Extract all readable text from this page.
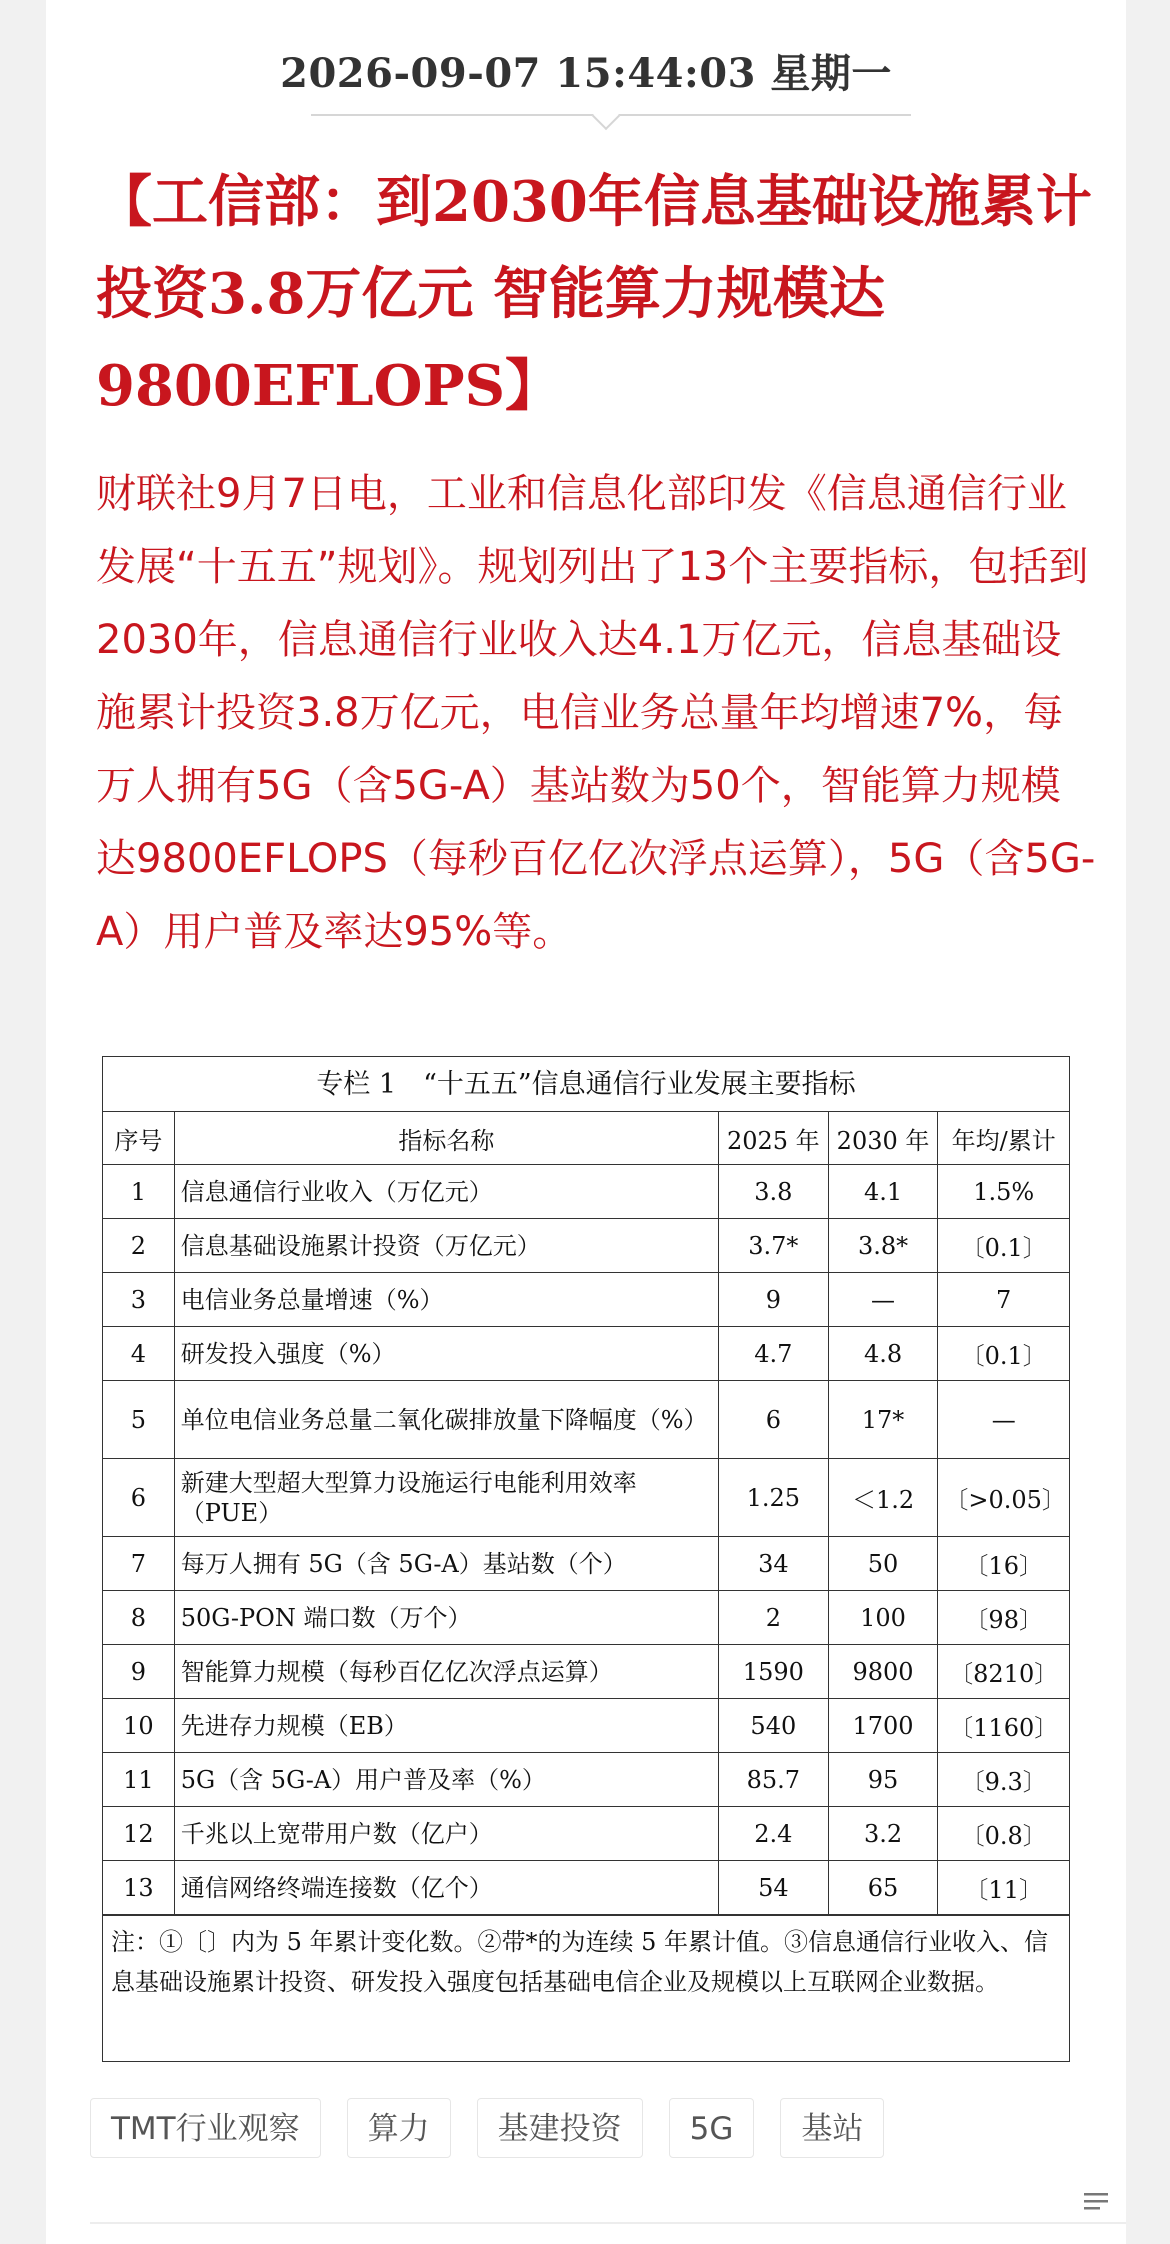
2026-09-07 15:44:03 星期一
【工信部：到2030年信息基础设施累计投资3.8万亿元 智能算力规模达9800EFLOPS】

财联社9月7日电，工业和信息化部印发《信息通信行业发展“十五五”规划》。规划列出了13个主要指标，包括到2030年，信息通信行业收入达4.1万亿元，信息基础设施累计投资3.8万亿元，电信业务总量年均增速7%，每万人拥有5G（含5G-A）基站数为50个，智能算力规模达9800EFLOPS（每秒百亿亿次浮点运算），5G（含5G-A）用户普及率达95%等。

专栏 1　“十五五”信息通信行业发展主要指标
序号	指标名称	2025 年	2030 年	年均/累计
1	信息通信行业收入（万亿元）	3.8	4.1	1.5%
2	信息基础设施累计投资（万亿元）	3.7*	3.8*	〔0.1〕
3	电信业务总量增速（%）	9	—	7
4	研发投入强度（%）	4.7	4.8	〔0.1〕
5	单位电信业务总量二氧化碳排放量下降幅度（%）	6	17*	—
6	新建大型超大型算力设施运行电能利用效率（PUE）	1.25	＜1.2	〔>0.05〕
7	每万人拥有 5G（含 5G-A）基站数（个）	34	50	〔16〕
8	50G-PON 端口数（万个）	2	100	〔98〕
9	智能算力规模（每秒百亿亿次浮点运算）	1590	9800	〔8210〕
10	先进存力规模（EB）	540	1700	〔1160〕
11	5G（含 5G-A）用户普及率（%）	85.7	95	〔9.3〕
12	千兆以上宽带用户数（亿户）	2.4	3.2	〔0.8〕
13	通信网络终端连接数（亿个）	54	65	〔11〕
注：①〔〕内为 5 年累计变化数。②带*的为连续 5 年累计值。③信息通信行业收入、信息基础设施累计投资、研发投入强度包括基础电信企业及规模以上互联网企业数据。
TMT行业观察	算力	基建投资	5G	基站
